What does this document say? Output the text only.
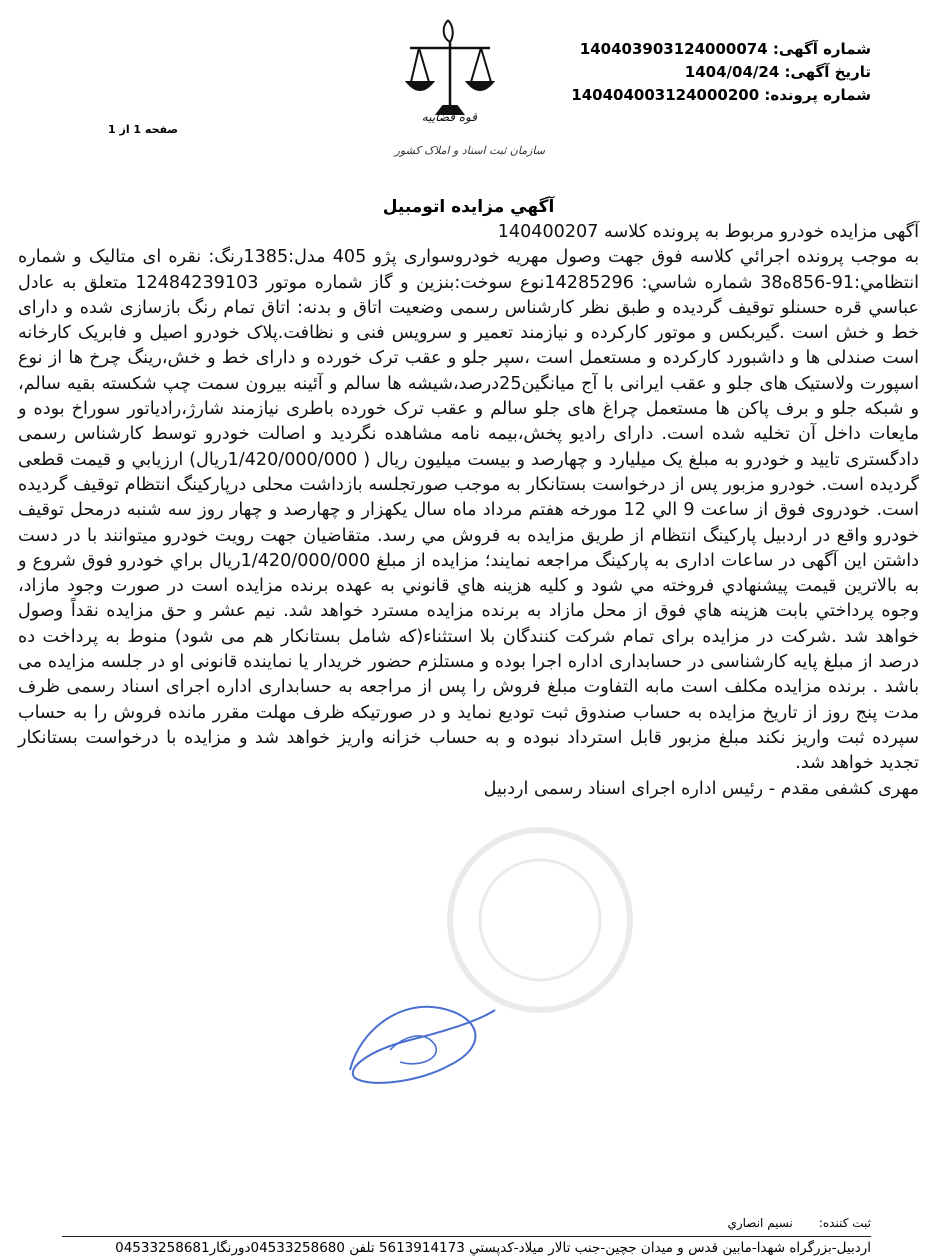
شماره آگهی: 140403903124000074
تاریخ آگهی: 1404/04/24
شماره پرونده: 140404003124000200
قوه قضاییه
سازمان ثبت اسناد و املاک کشور
صفحه 1 از 1
آگهي مزايده اتومبيل

آگهی مزایده خودرو مربوط به پرونده کلاسه 140400207

به موجب پرونده اجرائي كلاسه فوق جهت وصول مهریه خودروسواری پژو 405 مدل:1385رنگ: نقره ای متالیک و شماره انتظامي:91-856ه38 شماره شاسي: 14285296نوع سوخت:بنزين و گاز شماره موتور 12484239103 متعلق به عادل عباسي قره حسنلو توقيف گرديده و طبق نظر كارشناس رسمی وضعیت اتاق و بدنه: اتاق تمام رنگ بازسازی شده و دارای خط و خش است .گیربکس و موتور کارکرده و نیازمند تعمیر و سرویس فنی و نظافت.پلاک خودرو اصیل و فابریک کارخانه است صندلی ها و داشبورد کارکرده و مستعمل است ،سپر جلو و عقب ترک خورده و دارای خط و خش،رینگ چرخ ها از نوع اسپورت ولاستیک های جلو و عقب ایرانی با آج میانگین25درصد،شیشه ها سالم و آئینه بیرون سمت چپ شکسته بقیه سالم، و شبکه جلو و برف پاکن ها مستعمل چراغ های جلو سالم و عقب ترک خورده باطری نیازمند شارژ،رادیاتور سوراخ بوده و مایعات داخل آن تخلیه شده است. دارای رادیو پخش،بیمه نامه مشاهده نگردید و اصالت خودرو توسط کارشناس رسمی دادگستری تایید و خودرو به مبلغ یک میلیارد و چهارصد و بیست میلیون ریال ( 1/420/000/000ریال) ارزيابي و قيمت قطعی گرديده است. خودرو مزبور پس از درخواست بستانکار به موجب صورتجلسه بازداشت محلی درپارکینگ انتظام توقیف گردیده است. خودروی فوق از ساعت 9 الي 12 مورخه هفتم مرداد ماه سال یکهزار و چهارصد و چهار روز سه شنبه درمحل توقیف خودرو واقع در اردبیل پارکینگ انتظام از طريق مزايده به فروش مي رسد. متقاضیان جهت رویت خودرو میتوانند با در دست داشتن این آگهی در ساعات اداری به پارکینگ مراجعه نمایند؛ مزايده از مبلغ 1/420/000/000ريال براي خودرو فوق شروع و به بالاترين قيمت پيشنهادي فروخته مي شود و كليه هزينه هاي قانوني به عهده برنده مزايده است در صورت وجود مازاد، وجوه پرداختي بابت هزينه هاي فوق از محل مازاد به برنده مزايده مسترد خواهد شد. نیم عشر و حق مزایده نقداً وصول خواهد شد .شرکت در مزایده برای تمام شرکت کنندگان بلا استثناء(كه شامل بستانكار هم می شود) منوط به پرداخت ده درصد از مبلغ پايه كارشناسی در حسابداری اداره اجرا بوده و مستلزم حضور خریدار یا نماینده قانونی او در جلسه مزایده می باشد . برنده مزایده مکلف است مابه التفاوت مبلغ فروش را پس از مراجعه به حسابداری اداره اجرای اسناد رسمی ظرف مدت پنج روز از تاریخ مزایده به حساب صندوق ثبت تودیع نماید و در صورتیکه ظرف مهلت مقرر مانده فروش را به حساب سپرده ثبت واریز نکند مبلغ مزبور قابل استرداد نبوده و به حساب خزانه واریز خواهد شد و مزایده با درخواست بستانکار تجدید خواهد شد.

مهری کشفی مقدم - رئیس اداره اجرای اسناد رسمی اردبیل

ثبت کننده:
نسیم انصاري
اردبيل-بزرگراه شهدا-مابين قدس و ميدان جچين-جنب تالار ميلاد-كدپستي 5613914173 تلفن 04533258680دورنگار04533258681
